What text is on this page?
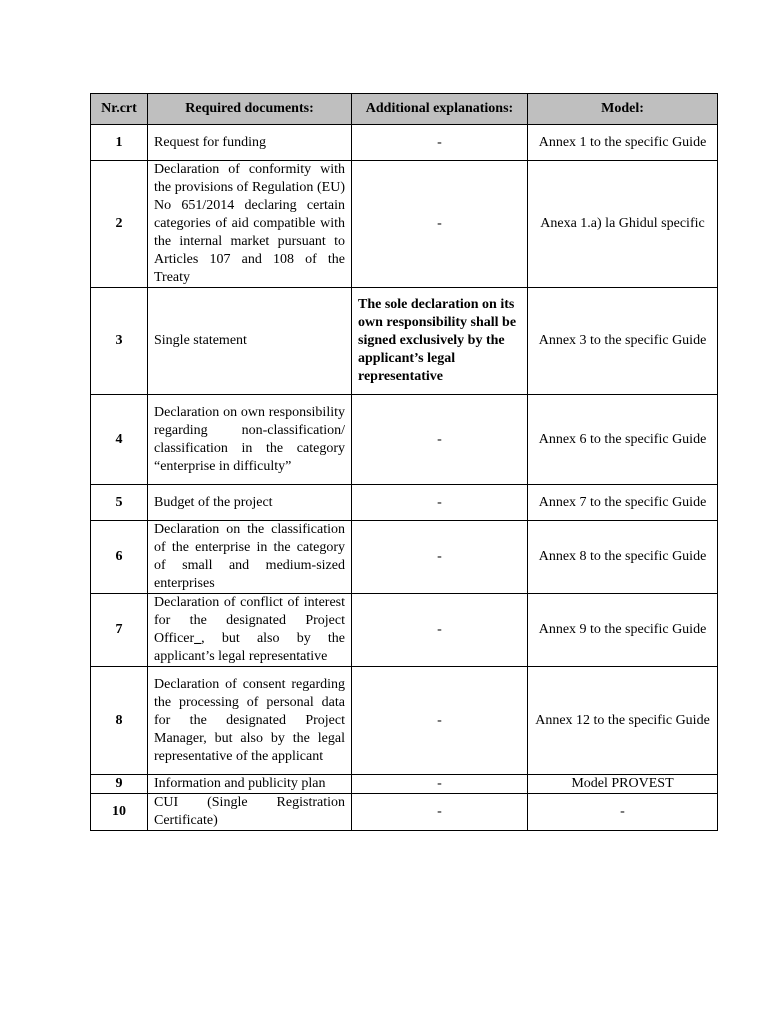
Nr.crt	Required documents:	Additional explanations:	Model:
1	Request for funding	-	Annex 1 to the specific Guide
2	Declaration of conformity with the provisions of Regulation (EU) No 651/2014 declaring certain categories of aid compatible with the internal market pursuant to Articles 107 and 108 of the Treaty	-	Anexa 1.a) la Ghidul specific
3	Single statement	The sole declaration on its own responsibility shall be signed exclusively by the applicant’s legal representative	Annex 3 to the specific Guide
4	Declaration on own responsibility regarding non-classification/ classification in the category “enterprise in difficulty”	-	Annex 6 to the specific Guide
5	Budget of the project	-	Annex 7 to the specific Guide
6	Declaration on the classification of the enterprise in the category of small and medium-sized enterprises	-	Annex 8 to the specific Guide
7	Declaration of conflict of interest for the designated Project Officer_, but also by the applicant’s legal representative	-	Annex 9 to the specific Guide
8	Declaration of consent regarding the processing of personal data for the designated Project Manager, but also by the legal representative of the applicant	-	Annex 12 to the specific Guide
9	Information and publicity plan	-	Model PROVEST
10	CUI (Single Registration Certificate)	-	-
